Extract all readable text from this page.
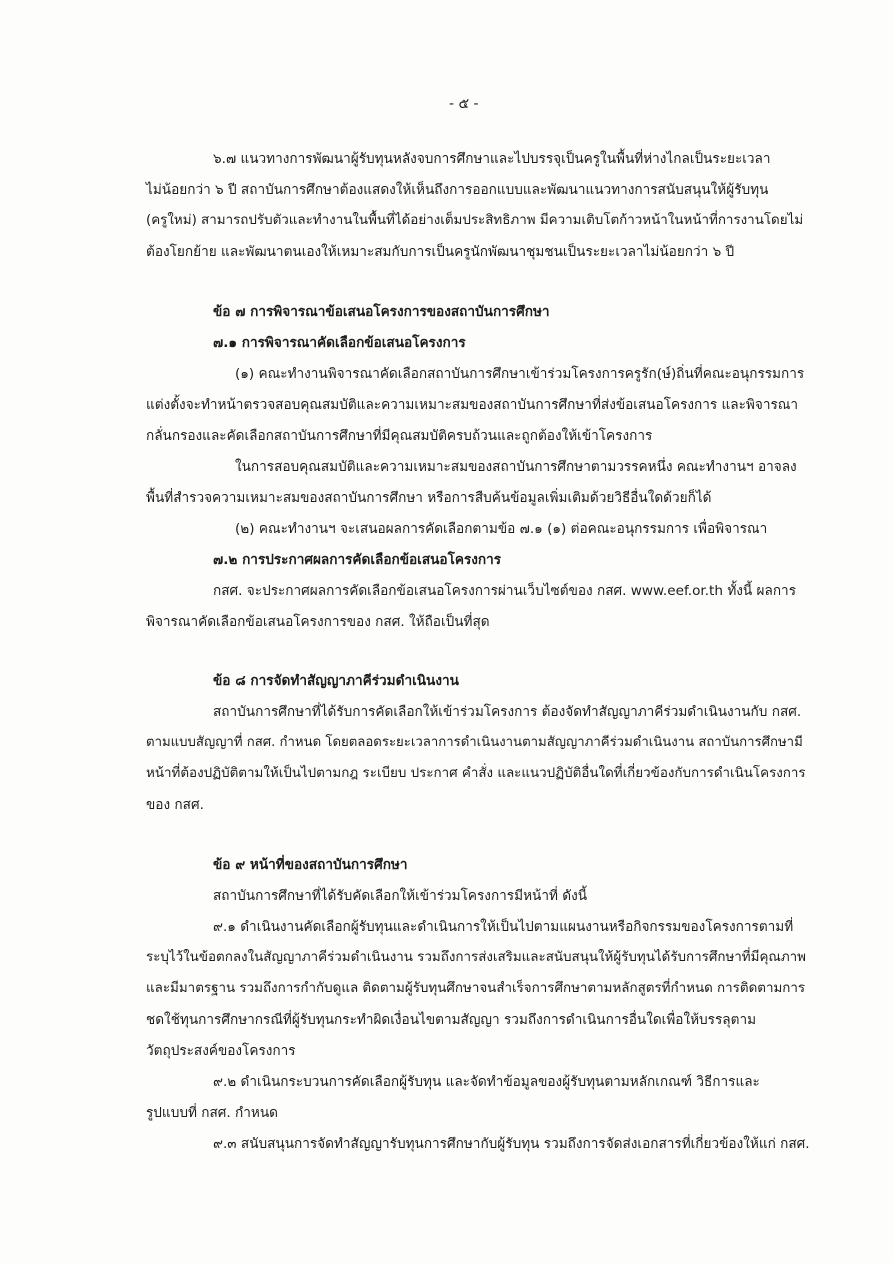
- ๕ -
๖.๗ แนวทางการพัฒนาผู้รับทุนหลังจบการศึกษาและไปบรรจุเป็นครูในพื้นที่ห่างไกลเป็นระยะเวลา
ไม่น้อยกว่า ๖ ปี สถาบันการศึกษาต้องแสดงให้เห็นถึงการออกแบบและพัฒนาแนวทางการสนับสนุนให้ผู้รับทุน
(ครูใหม่) สามารถปรับตัวและทำงานในพื้นที่ได้อย่างเต็มประสิทธิภาพ มีความเติบโตก้าวหน้าในหน้าที่การงานโดยไม่
ต้องโยกย้าย และพัฒนาตนเองให้เหมาะสมกับการเป็นครูนักพัฒนาชุมชนเป็นระยะเวลาไม่น้อยกว่า ๖ ปี
ข้อ ๗ การพิจารณาข้อเสนอโครงการของสถาบันการศึกษา
๗.๑ การพิจารณาคัดเลือกข้อเสนอโครงการ
(๑) คณะทำงานพิจารณาคัดเลือกสถาบันการศึกษาเข้าร่วมโครงการครูรัก(ษ์)ถิ่นที่คณะอนุกรรมการ
แต่งตั้งจะทำหน้าตรวจสอบคุณสมบัติและความเหมาะสมของสถาบันการศึกษาที่ส่งข้อเสนอโครงการ และพิจารณา
กลั่นกรองและคัดเลือกสถาบันการศึกษาที่มีคุณสมบัติครบถ้วนและถูกต้องให้เข้าโครงการ
ในการสอบคุณสมบัติและความเหมาะสมของสถาบันการศึกษาตามวรรคหนึ่ง คณะทำงานฯ อาจลง
พื้นที่สำรวจความเหมาะสมของสถาบันการศึกษา หรือการสืบค้นข้อมูลเพิ่มเติมด้วยวิธีอื่นใดด้วยก็ได้
(๒) คณะทำงานฯ จะเสนอผลการคัดเลือกตามข้อ ๗.๑ (๑) ต่อคณะอนุกรรมการ เพื่อพิจารณา
๗.๒ การประกาศผลการคัดเลือกข้อเสนอโครงการ
กสศ. จะประกาศผลการคัดเลือกข้อเสนอโครงการผ่านเว็บไซต์ของ กสศ. www.eef.or.th ทั้งนี้ ผลการ
พิจารณาคัดเลือกข้อเสนอโครงการของ กสศ. ให้ถือเป็นที่สุด
ข้อ ๘ การจัดทำสัญญาภาคีร่วมดำเนินงาน
สถาบันการศึกษาที่ได้รับการคัดเลือกให้เข้าร่วมโครงการ ต้องจัดทำสัญญาภาคีร่วมดำเนินงานกับ กสศ.
ตามแบบสัญญาที่ กสศ. กำหนด โดยตลอดระยะเวลาการดำเนินงานตามสัญญาภาคีร่วมดำเนินงาน สถาบันการศึกษามี
หน้าที่ต้องปฏิบัติตามให้เป็นไปตามกฎ ระเบียบ ประกาศ คำสั่ง และแนวปฏิบัติอื่นใดที่เกี่ยวข้องกับการดำเนินโครงการ
ของ กสศ.
ข้อ ๙ หน้าที่ของสถาบันการศึกษา
สถาบันการศึกษาที่ได้รับคัดเลือกให้เข้าร่วมโครงการมีหน้าที่ ดังนี้
๙.๑ ดำเนินงานคัดเลือกผู้รับทุนและดำเนินการให้เป็นไปตามแผนงานหรือกิจกรรมของโครงการตามที่
ระบุไว้ในข้อตกลงในสัญญาภาคีร่วมดำเนินงาน รวมถึงการส่งเสริมและสนับสนุนให้ผู้รับทุนได้รับการศึกษาที่มีคุณภาพ
และมีมาตรฐาน รวมถึงการกำกับดูแล ติดตามผู้รับทุนศึกษาจนสำเร็จการศึกษาตามหลักสูตรที่กำหนด การติดตามการ
ชดใช้ทุนการศึกษากรณีที่ผู้รับทุนกระทำผิดเงื่อนไขตามสัญญา รวมถึงการดำเนินการอื่นใดเพื่อให้บรรลุตาม
วัตถุประสงค์ของโครงการ
๙.๒ ดำเนินกระบวนการคัดเลือกผู้รับทุน และจัดทำข้อมูลของผู้รับทุนตามหลักเกณฑ์ วิธีการและ
รูปแบบที่ กสศ. กำหนด
๙.๓ สนับสนุนการจัดทำสัญญารับทุนการศึกษากับผู้รับทุน รวมถึงการจัดส่งเอกสารที่เกี่ยวข้องให้แก่ กสศ.
